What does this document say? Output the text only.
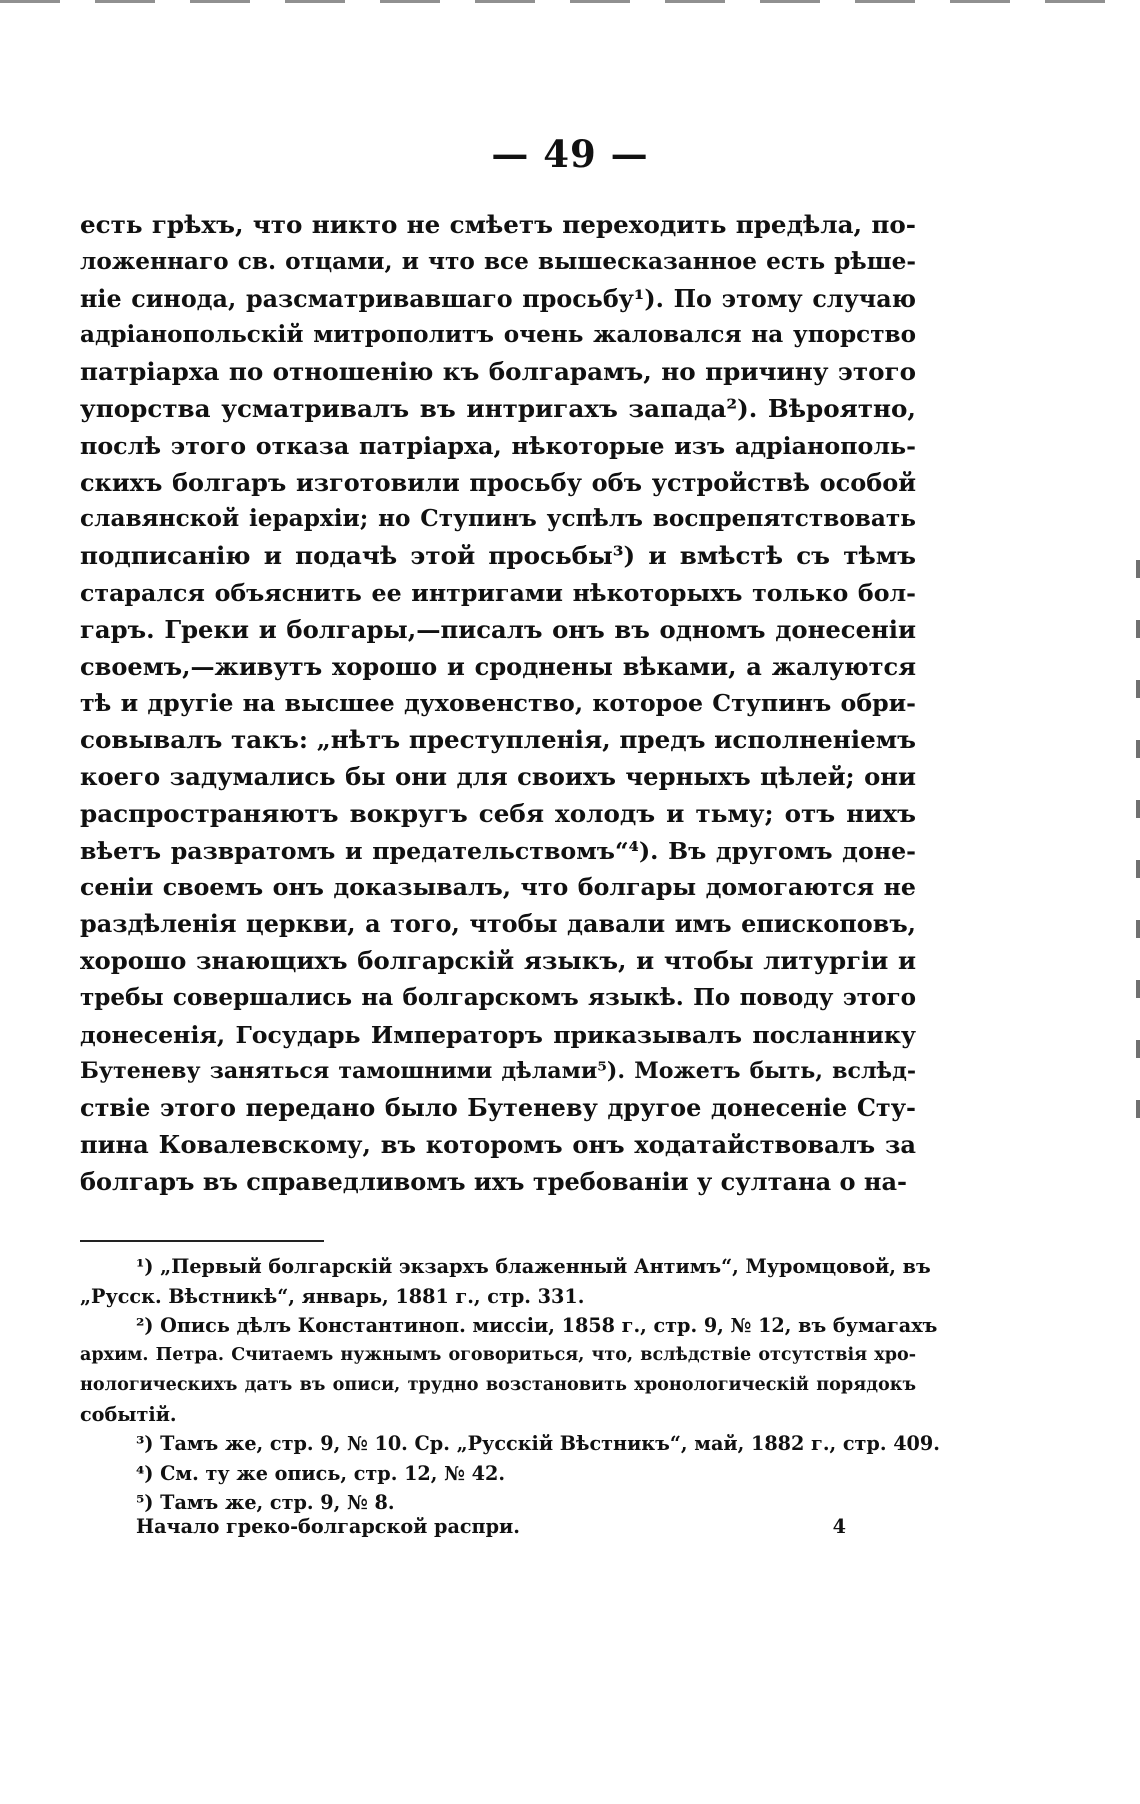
— 49 —
есть грѣхъ, что никто не смѣетъ переходить предѣла, по-
ложеннаго св. отцами, и что все вышесказанное есть рѣше-
ніе синода, разсматривавшаго просьбу¹). По этому случаю
адріанопольскій митрополитъ очень жаловался на упорство
патріарха по отношенію къ болгарамъ, но причину этого
упорства усматривалъ въ интригахъ запада²). Вѣроятно,
послѣ этого отказа патріарха, нѣкоторые изъ адріанополь-
скихъ болгаръ изготовили просьбу объ устройствѣ особой
славянской іерархіи; но Ступинъ успѣлъ воспрепятствовать
подписанію и подачѣ этой просьбы³) и вмѣстѣ съ тѣмъ
старался объяснить ее интригами нѣкоторыхъ только бол-
гаръ. Греки и болгары,—писалъ онъ въ одномъ донесеніи
своемъ,—живутъ хорошо и сроднены вѣками, а жалуются
тѣ и другіе на высшее духовенство, которое Ступинъ обри-
совывалъ такъ: „нѣтъ преступленія, предъ исполненіемъ
коего задумались бы они для своихъ черныхъ цѣлей; они
распространяютъ вокругъ себя холодъ и тьму; отъ нихъ
вѣетъ развратомъ и предательствомъ“⁴). Въ другомъ доне-
сеніи своемъ онъ доказывалъ, что болгары домогаются не
раздѣленія церкви, а того, чтобы давали имъ епископовъ,
хорошо знающихъ болгарскій языкъ, и чтобы литургіи и
требы совершались на болгарскомъ языкѣ. По поводу этого
донесенія, Государь Императоръ приказывалъ посланнику
Бутеневу заняться тамошними дѣлами⁵). Можетъ быть, вслѣд-
ствіе этого передано было Бутеневу другое донесеніе Сту-
пина Ковалевскому, въ которомъ онъ ходатайствовалъ за
болгаръ въ справедливомъ ихъ требованіи у султана о на-
¹) „Первый болгарскій экзархъ блаженный Антимъ“, Муромцовой, въ
„Русск. Вѣстникѣ“, январь, 1881 г., стр. 331.
²) Опись дѣлъ Константиноп. миссіи, 1858 г., стр. 9, № 12, въ бумагахъ
архим. Петра. Считаемъ нужнымъ оговориться, что, вслѣдствіе отсутствія хро-
нологическихъ датъ въ описи, трудно возстановить хронологическій порядокъ
событій.
³) Тамъ же, стр. 9, № 10. Ср. „Русскій Вѣстникъ“, май, 1882 г., стр. 409.
⁴) См. ту же опись, стр. 12, № 42.
⁵) Тамъ же, стр. 9, № 8.
Начало греко-болгарской распри.	4
